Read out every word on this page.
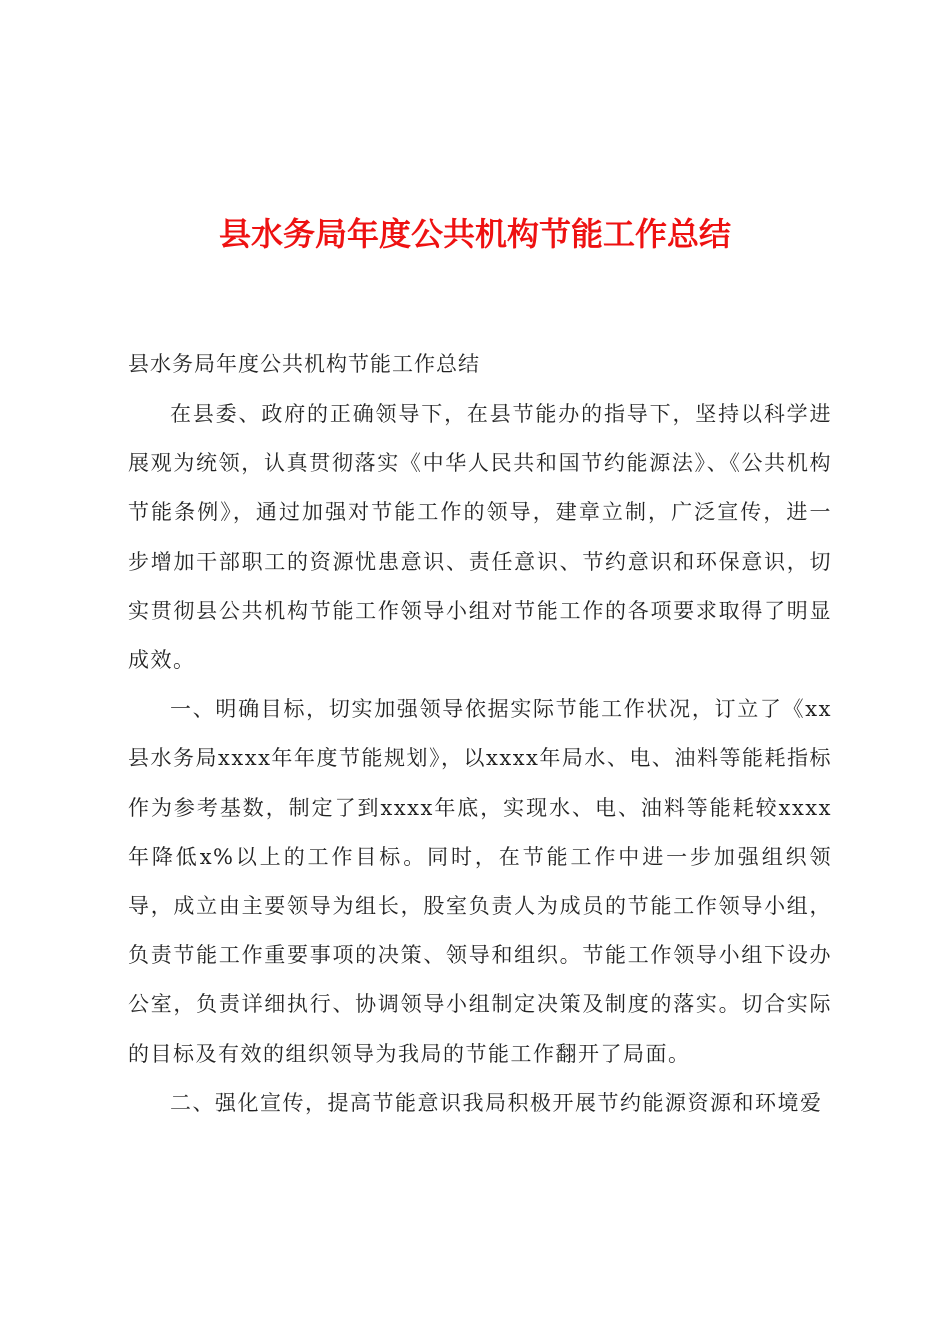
县水务局年度公共机构节能工作总结

县水务局年度公共机构节能工作总结

在县委、政府的正确领导下，在县节能办的指导下，坚持以科学进展观为统领，认真贯彻落实《中华人民共和国节约能源法》、《公共机构节能条例》，通过加强对节能工作的领导，建章立制，广泛宣传，进一步增加干部职工的资源忧患意识、责任意识、节约意识和环保意识，切实贯彻县公共机构节能工作领导小组对节能工作的各项要求取得了明显成效。

一、明确目标，切实加强领导依据实际节能工作状况，订立了《xx县水务局xxxx年年度节能规划》，以xxxx年局水、电、油料等能耗指标作为参考基数，制定了到xxxx年底，实现水、电、油料等能耗较xxxx年降低x%以上的工作目标。同时，在节能工作中进一步加强组织领导，成立由主要领导为组长，股室负责人为成员的节能工作领导小组，负责节能工作重要事项的决策、领导和组织。节能工作领导小组下设办公室，负责详细执行、协调领导小组制定决策及制度的落实。切合实际的目标及有效的组织领导为我局的节能工作翻开了局面。

二、强化宣传，提高节能意识我局积极开展节约能源资源和环境爱
